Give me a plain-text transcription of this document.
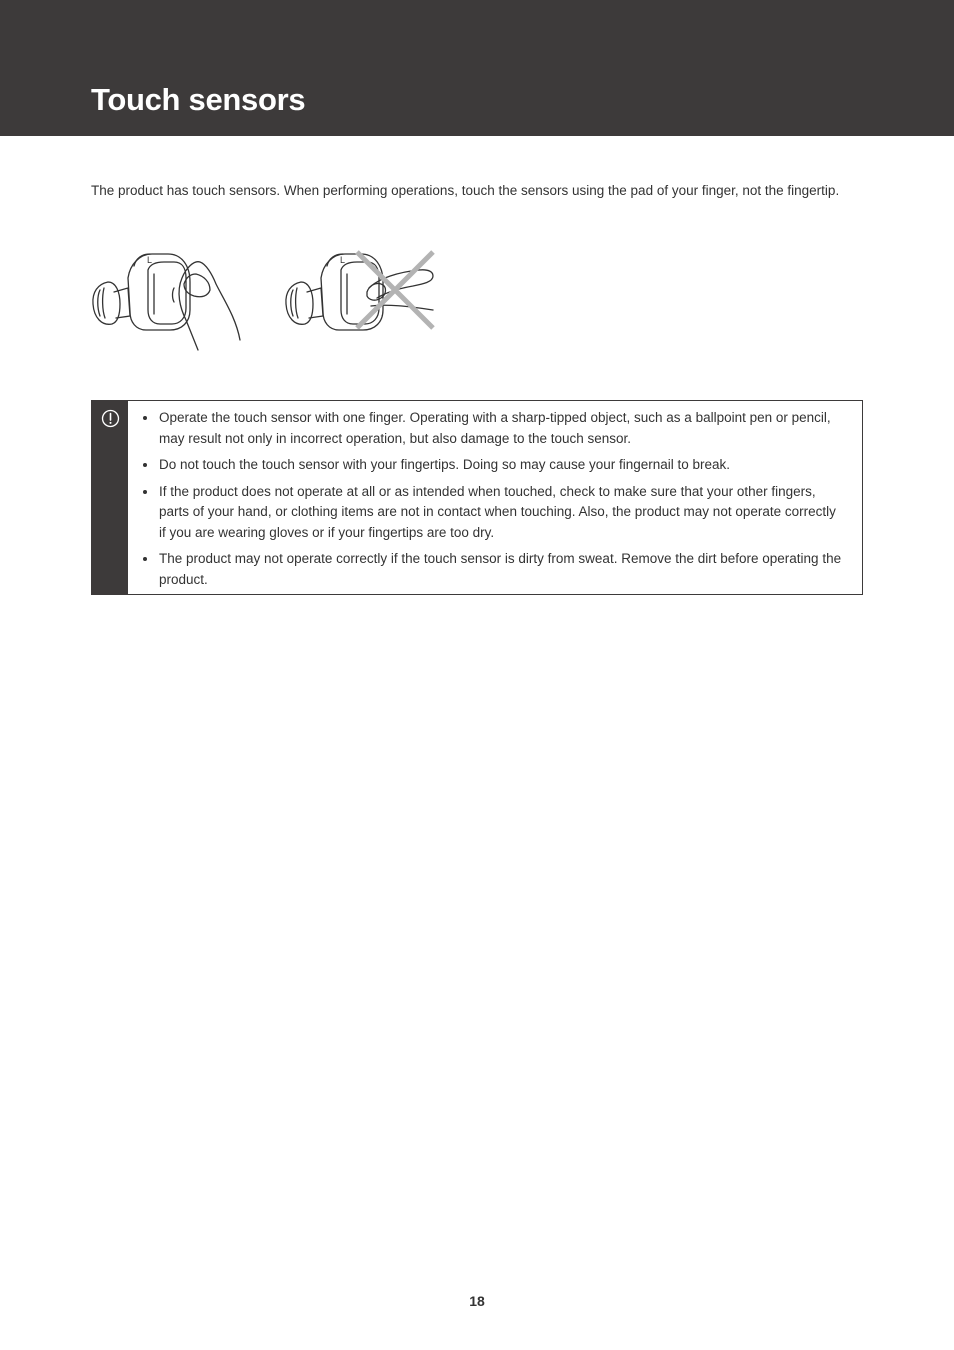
Touch sensors

The product has touch sensors. When performing operations, touch the sensors using the pad of your finger, not the fingertip.

L	L
Operate the touch sensor with one finger. Operating with a sharp-tipped object, such as a ballpoint pen or pencil, may result not only in incorrect operation, but also damage to the touch sensor.
Do not touch the touch sensor with your fingertips. Doing so may cause your fingernail to break.
If the product does not operate at all or as intended when touched, check to make sure that your other fingers, parts of your hand, or clothing items are not in contact when touching. Also, the product may not operate correctly if you are wearing gloves or if your fingertips are too dry.
The product may not operate correctly if the touch sensor is dirty from sweat. Remove the dirt before operating the product.
18
